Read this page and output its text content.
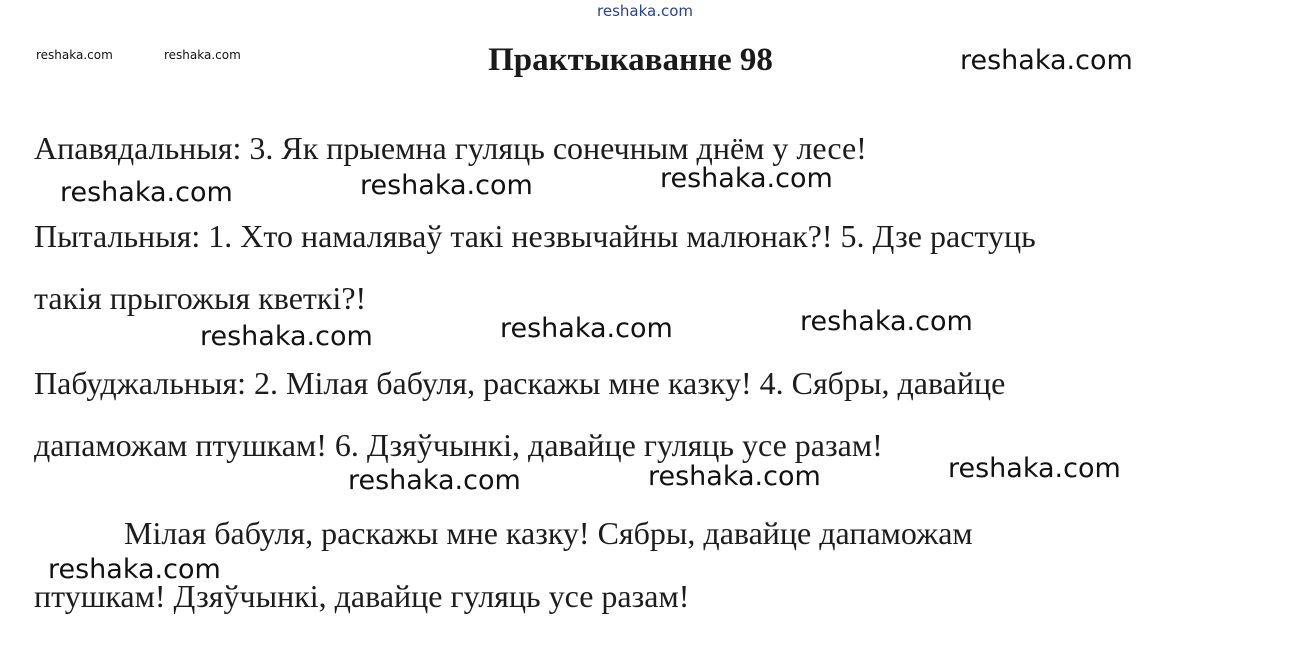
reshaka.com
reshaka.com	reshaka.com	Практыкаванне 98	reshaka.com
Апавядальныя: 3. Як прыемна гуляць сонечным днём у лесе!
reshaka.com	reshaka.com	reshaka.com
Пытальныя: 1. Хто намаляваў такі незвычайны малюнак?! 5. Дзе растуць
такія прыгожыя кветкі?!
reshaka.com	reshaka.com	reshaka.com
Пабуджальныя: 2. Мілая бабуля, раскажы мне казку! 4. Сябры, давайце
дапаможам птушкам! 6. Дзяўчынкі, давайце гуляць усе разам!
reshaka.com	reshaka.com	reshaka.com
Мілая бабуля, раскажы мне казку! Сябры, давайце дапаможам
reshaka.com
птушкам! Дзяўчынкі, давайце гуляць усе разам!
